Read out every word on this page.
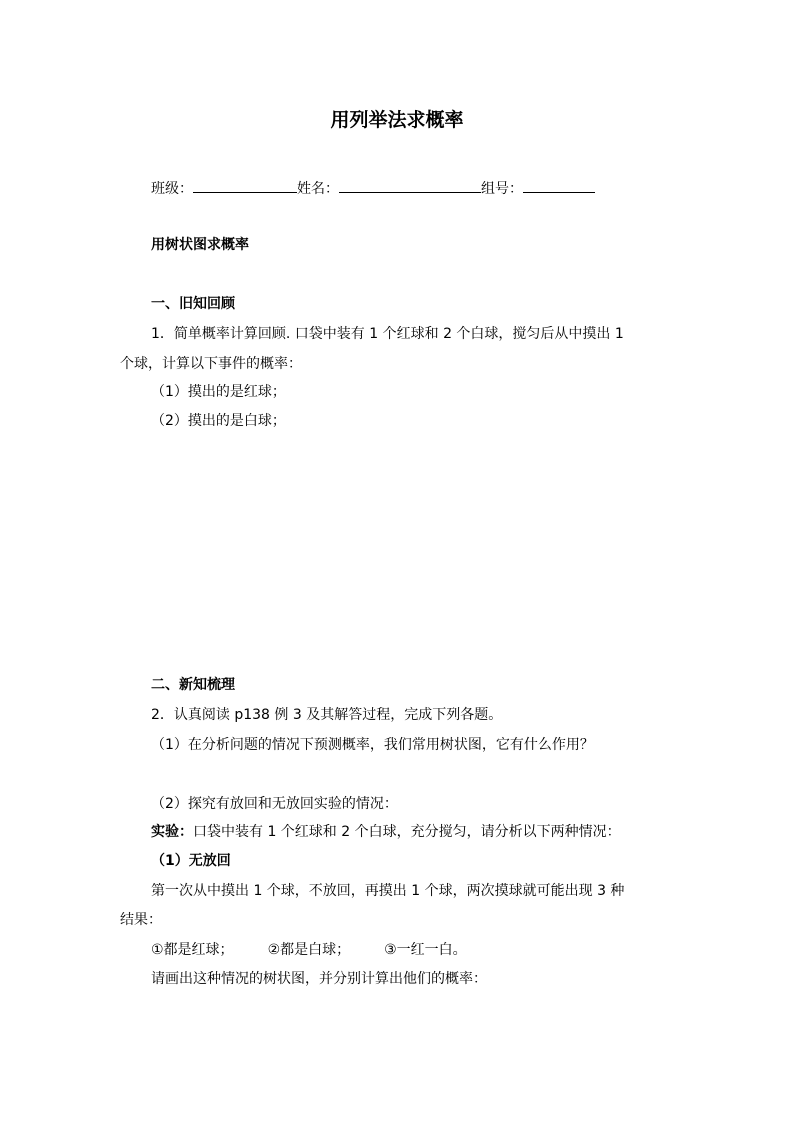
用列举法求概率
班级：	姓名：	组号：
用树状图求概率
一、旧知回顾
1．简单概率计算回顾. 口袋中装有 1 个红球和 2 个白球，搅匀后从中摸出 1
个球，计算以下事件的概率：
（1）摸出的是红球；
（2）摸出的是白球；
二、新知梳理
2．认真阅读 p138 例 3 及其解答过程，完成下列各题。
（1）在分析问题的情况下预测概率，我们常用树状图，它有什么作用？
（2）探究有放回和无放回实验的情况：
实验：口袋中装有 1 个红球和 2 个白球，充分搅匀，请分析以下两种情况：
（1）无放回
第一次从中摸出 1 个球，不放回，再摸出 1 个球，两次摸球就可能出现 3 种
结果：
①都是红球； ②都是白球； ③一红一白。
请画出这种情况的树状图，并分别计算出他们的概率：
